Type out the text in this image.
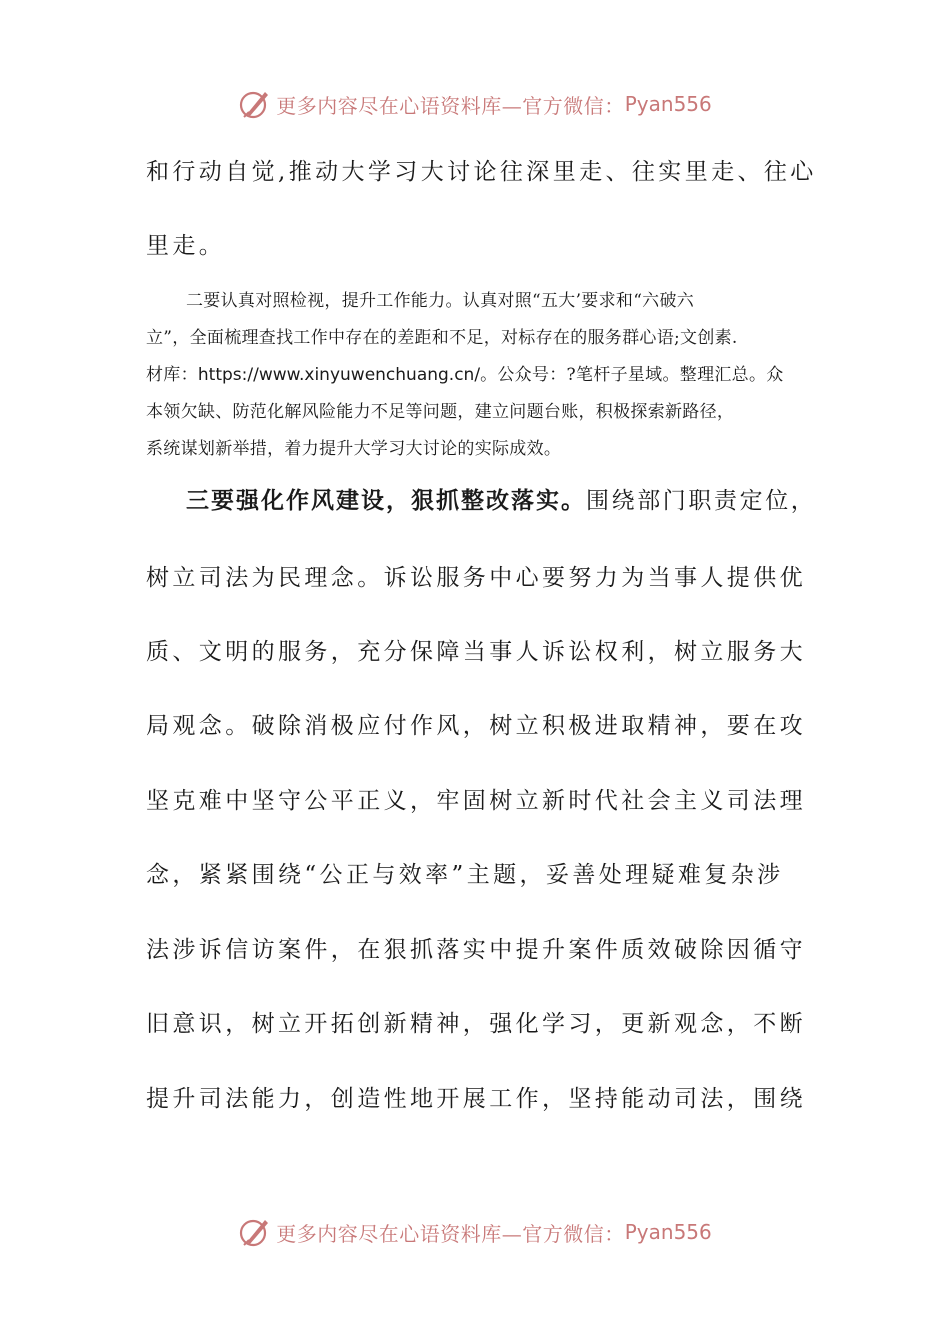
更多内容尽在心语资料库—官方微信： Pyan556
和行动自觉,推动大学习大讨论往深里走、往实里走、往心
里走。
二要认真对照检视，提升工作能力。认真对照“五大’要求和“六破六
立”，全面梳理查找工作中存在的差距和不足，对标存在的服务群心语;文创素.
材库：https://www.xinyuwenchuang.cn/。公众号：?笔杆子星域。整理汇总。众
本领欠缺、防范化解风险能力不足等问题，建立问题台账，积极探索新路径，
系统谋划新举措，着力提升大学习大讨论的实际成效。
三要强化作风建设，狠抓整改落实。围绕部门职责定位，
树立司法为民理念。诉讼服务中心要努力为当事人提供优
质、文明的服务，充分保障当事人诉讼权利，树立服务大
局观念。破除消极应付作风，树立积极进取精神，要在攻
坚克难中坚守公平正义，牢固树立新时代社会主义司法理
念，紧紧围绕“公正与效率”主题，妥善处理疑难复杂涉
法涉诉信访案件，在狠抓落实中提升案件质效破除因循守
旧意识，树立开拓创新精神，强化学习，更新观念，不断
提升司法能力，创造性地开展工作，坚持能动司法，围绕
更多内容尽在心语资料库—官方微信： Pyan556
